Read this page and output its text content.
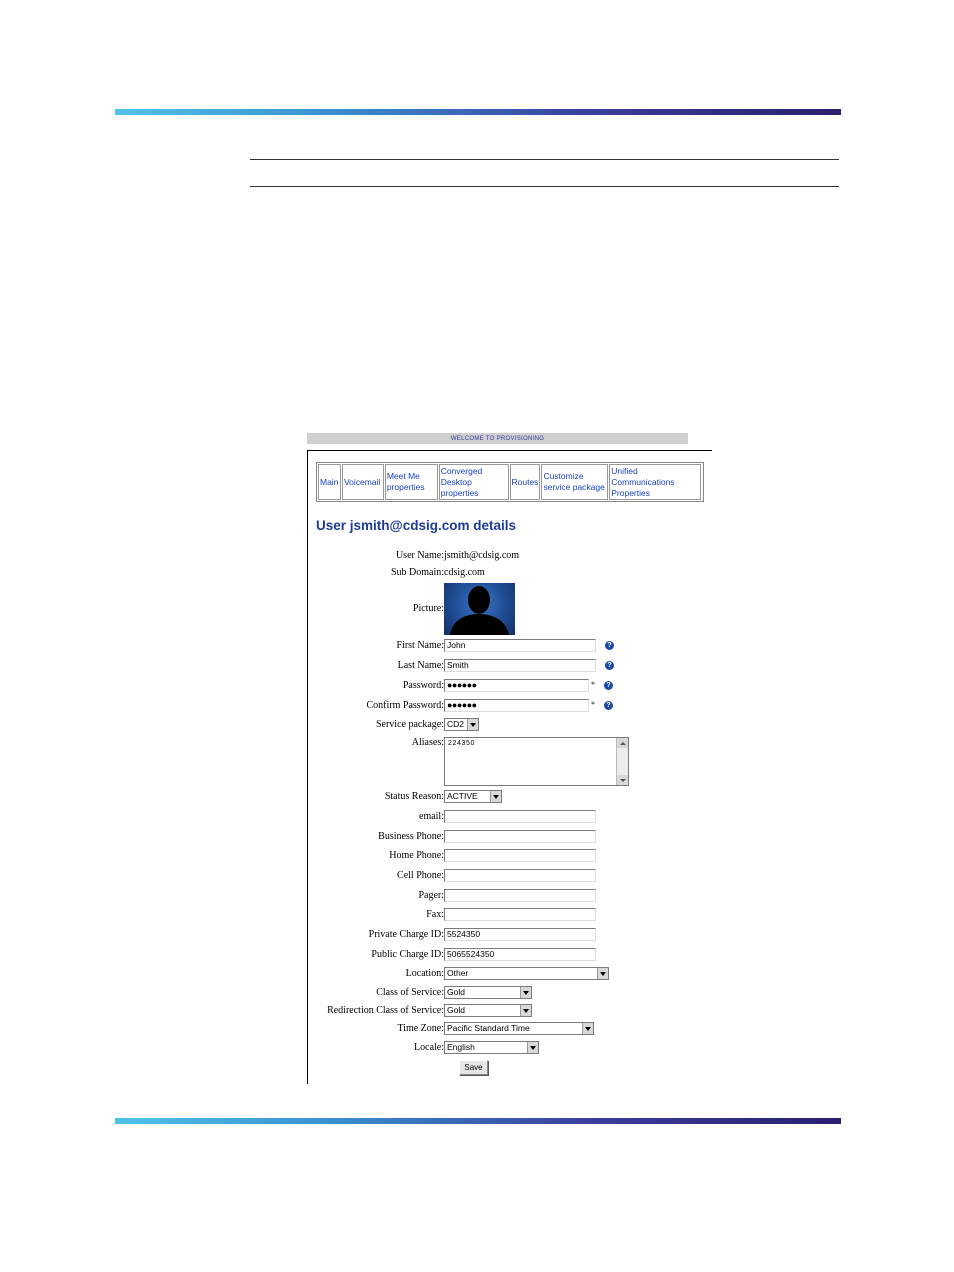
WELCOME TO PROVISIONING
Main Voicemail
Meet Me properties
Converged Desktop properties
Routes
Customize service package
Unified Communications Properties
User jsmith@cdsig.com details
User Name: jsmith@cdsig.com
Sub Domain: cdsig.com
Picture:
First Name: John	?
Last Name: Smith	?
Password: ●●●●●●	*	?
Confirm Password: ●●●●●●	*	?
Service package: CD2
Aliases: 224350
Status Reason: ACTIVE
email:
Business Phone:
Home Phone:
Cell Phone:
Pager:
Fax:
Private Charge ID: 5524350
Public Charge ID: 5065524350
Location: Other
Class of Service: Gold
Redirection Class of Service: Gold
Time Zone: Pacific Standard Time
Locale: English
Save
